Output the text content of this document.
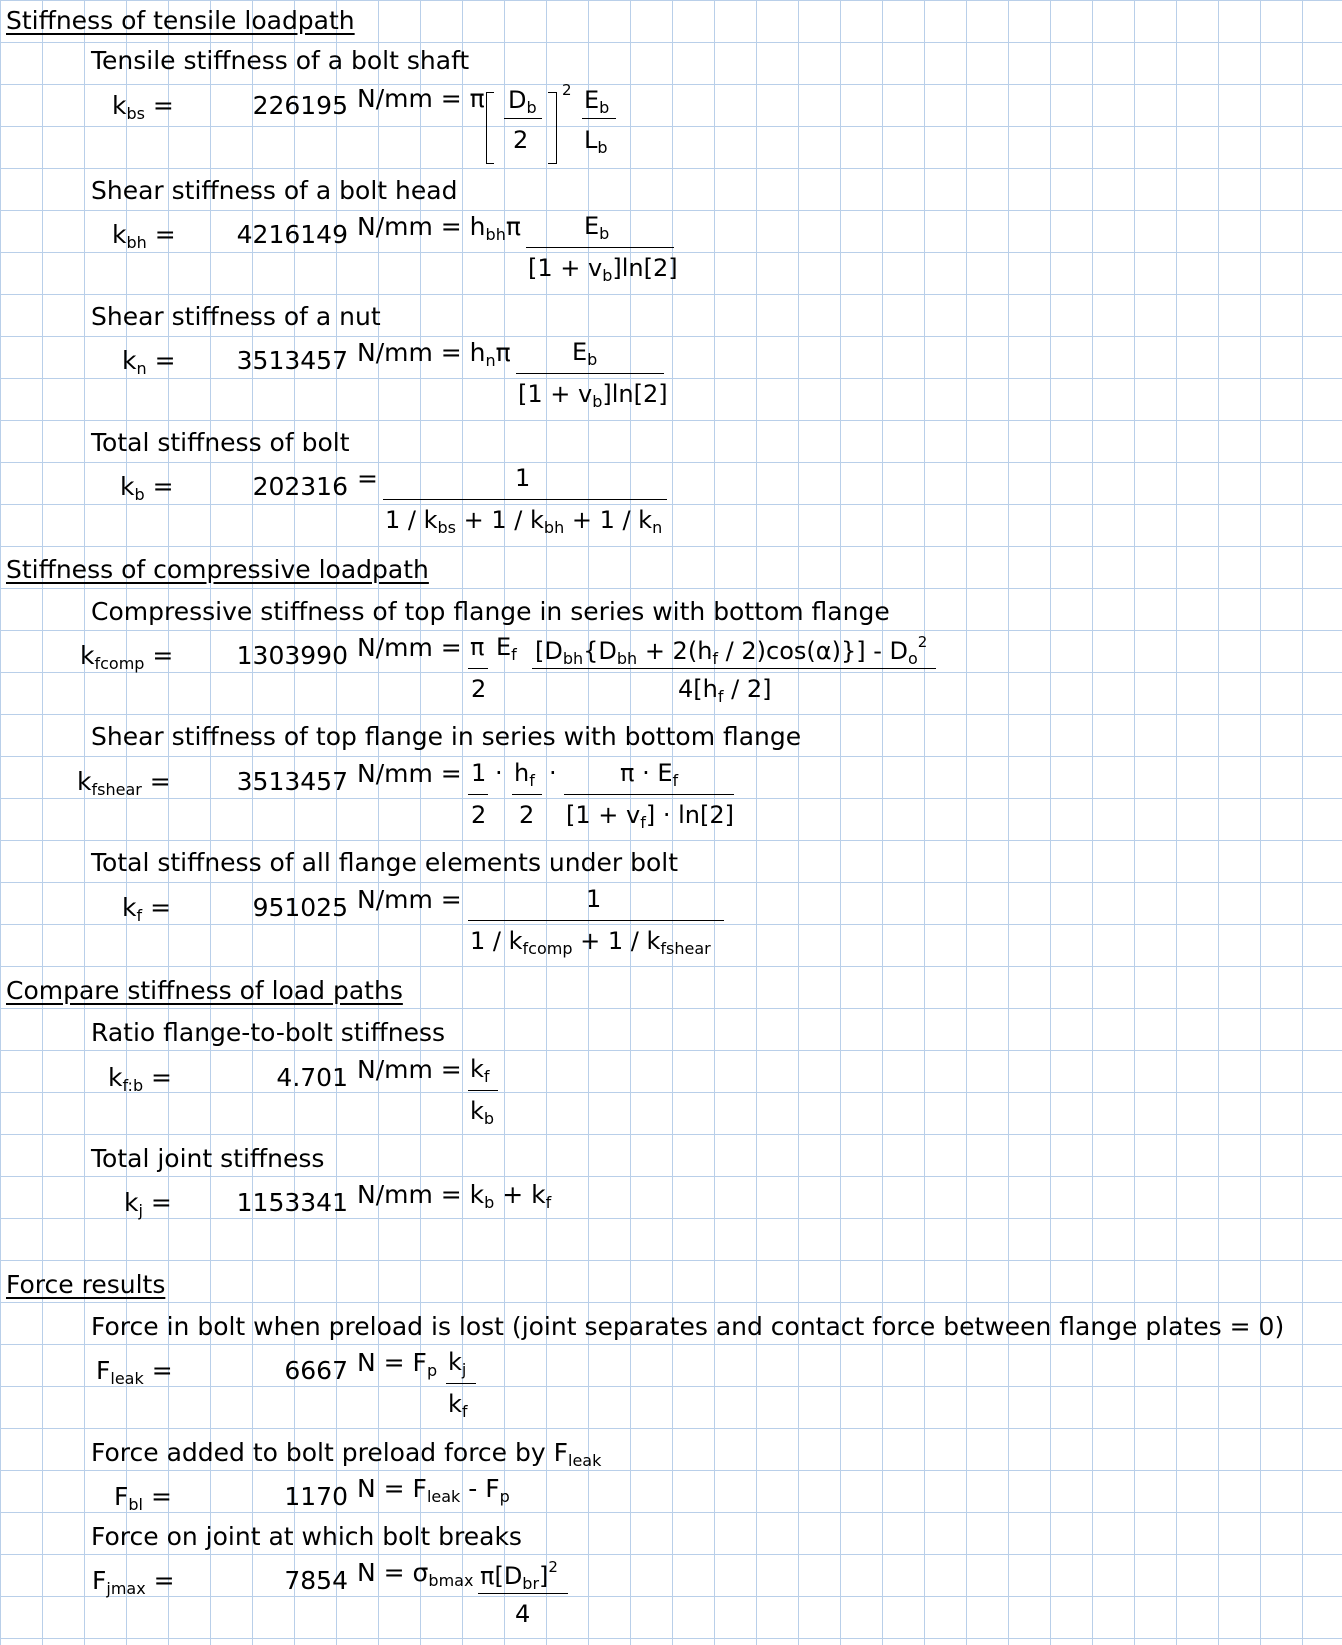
Stiffness of tensile loadpath
Tensile stiffness of a bolt shaft
$k_{bs}$ =	226195 N/mm = π $D_b$
2
2 $E_b$
$L_b$
Shear stiffness of a bolt head
$k_{bh}$ =	4216149 $N/mm = h_{bh}\pi$	$E_b$
$[1 + v_b]\ln[2]$
Shear stiffness of a nut
$k_n$ =	3513457 $N/mm = h_n\pi$	$E_b$
$[1 + v_b]\ln[2]$
Total stiffness of bolt
$k_b$ =	202316 =	1
$1 / k_{bs} + 1 / k_{bh} + 1 / k_n$
Stiffness of compressive loadpath
Compressive stiffness of top flange in series with bottom flange
$k_{fcomp}$ =	1303990 N/mm = π
2
$E_f$ $[D_{bh}\{D_{bh} + 2(h_f / 2)\cos(\alpha)\}] - D_o^2$
$4[h_f / 2]$
Shear stiffness of top flange in series with bottom flange
$k_{fshear}$ =	3513457 N/mm = 1
2
· $h_f$
2
·	$\pi \cdot E_f$
$[1 + v_f] \cdot \ln[2]$
Total stiffness of all flange elements under bolt
$k_f$ =	951025 N/mm =	1
$1 / k_{fcomp} + 1 / k_{fshear}$
Compare stiffness of load paths
Ratio flange-to-bolt stiffness
$k_{f:b}$ =	4.701 $N/mm = k_f$
$k_b$
Total joint stiffness
$k_j$ =	1153341 $N/mm = k_b + k_f$
Force results
Force in bolt when preload is lost (joint separates and contact force between flange plates = 0)
$F_{leak}$ =	6667 $N = F_p$ $k_j$
$k_f$
Force added to bolt preload force by $F_{leak}$
$F_{bl}$ =	1170 $N = F_{leak} - F_p$
Force on joint at which bolt breaks
$F_{jmax}$ =	7854 $N = \sigma_{bmax}$ $\pi[D_{br}]^2$
4
